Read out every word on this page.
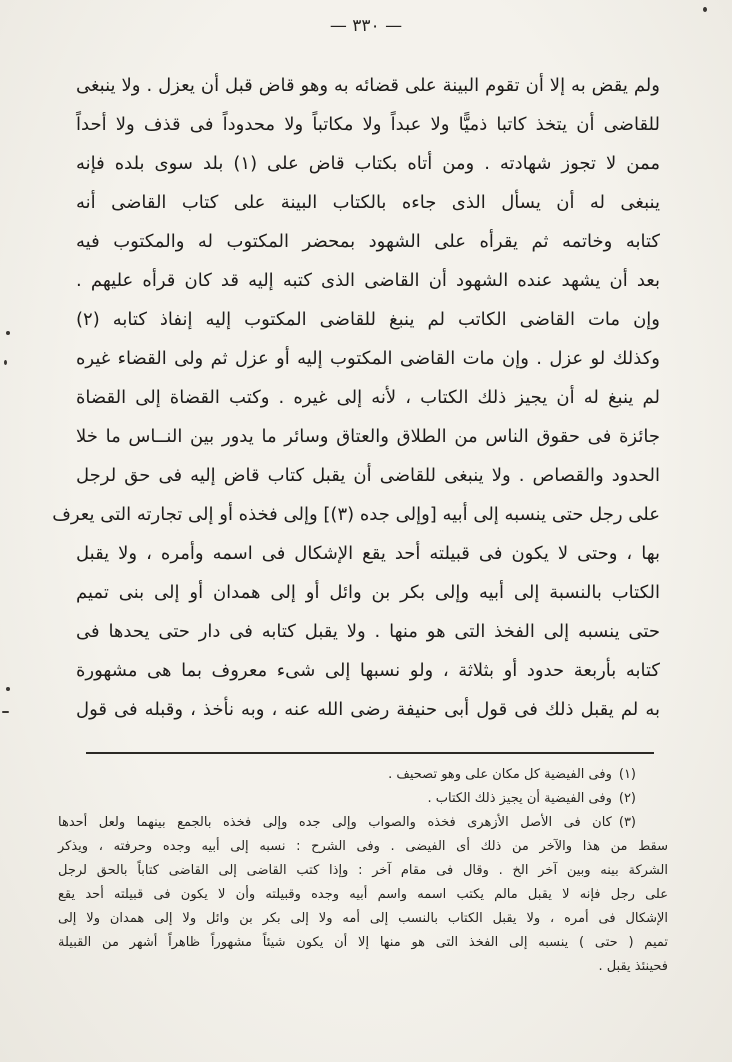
— ٣٣٠ —
ولم يقض به إلا أن تقوم البينة على قضائه به وهو قاض قبل أن يعزل . ولا ينبغى
للقاضى أن يتخذ كاتبا ذميًّا ولا عبداً ولا مكاتباً ولا محدوداً فى قذف ولا أحداً
ممن لا تجوز شهادته . ومن أتاه بكتاب قاض على (١) بلد سوى بلده فإنه
ينبغى له أن يسأل الذى جاءه بالكتاب البينة على كتاب القاضى أنه
كتابه وخاتمه ثم يقرأه على الشهود بمحضر المكتوب له والمكتوب فيه
بعد أن يشهد عنده الشهود أن القاضى الذى كتبه إليه قد كان قرأه عليهم .
وإن مات القاضى الكاتب لم ينبغ للقاضى المكتوب إليه إنفاذ كتابه (٢)
وكذلك لو عزل . وإن مات القاضى المكتوب إليه أو عزل ثم ولى القضاء غيره
لم ينبغ له أن يجيز ذلك الكتاب ، لأنه إلى غيره . وكتب القضاة إلى القضاة
جائزة فى حقوق الناس من الطلاق والعتاق وسائر ما يدور بين النــاس ما خلا
الحدود والقصاص . ولا ينبغى للقاضى أن يقبل كتاب قاض إليه فى حق لرجل
على رجل حتى ينسبه إلى أبيه [وإلى جده (٣)] وإلى فخذه أو إلى تجارته التى يعرف
بها ، وحتى لا يكون فى قبيلته أحد يقع الإشكال فى اسمه وأمره ، ولا يقبل
الكتاب بالنسبة إلى أبيه وإلى بكر بن وائل أو إلى همدان أو إلى بنى تميم
حتى ينسبه إلى الفخذ التى هو منها . ولا يقبل كتابه فى دار حتى يحدها فى
كتابه بأربعة حدود أو بثلاثة ، ولو نسبها إلى شىء معروف بما هى مشهورة
به لم يقبل ذلك فى قول أبى حنيفة رضى الله عنه ، وبه نأخذ ، وقبله فى قول
(١)وفى الفيضية كل مكان على وهو تصحيف .
(٢)وفى الفيضية أن يجيز ذلك الكتاب .
(٣)كان فى الأصل الأزهرى فخذه والصواب وإلى جده وإلى فخذه بالجمع بينهما ولعل أحدها
سقط من هذا والآخر من ذلك أى الفيضى . وفى الشرح : نسبه إلى أبيه وجده وحرفته ، ويذكر
الشركة بينه وبين آخر الخ . وقال فى مقام آخر : وإذا كتب القاضى إلى القاضى كتاباً بالحق لرجل
على رجل فإنه لا يقبل مالم يكتب اسمه واسم أبيه وجده وقبيلته وأن لا يكون فى قبيلته أحد يقع
الإشكال فى أمره ، ولا يقبل الكتاب بالنسب إلى أمه ولا إلى بكر بن وائل ولا إلى همدان ولا إلى
تميم ( حتى ) ينسبه إلى الفخذ التى هو منها إلا أن يكون شيئاً مشهوراً ظاهراً أشهر من القبيلة
فحينئذ يقبل .
